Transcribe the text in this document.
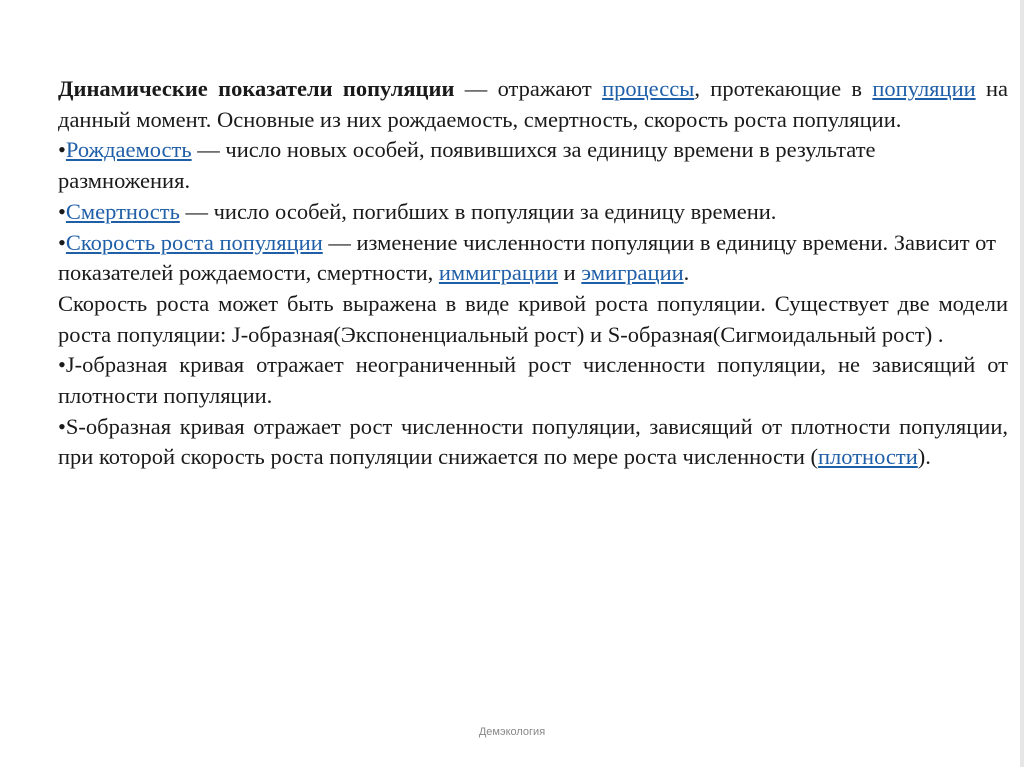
Динамические показатели популяции — отражают процессы, протекающие в популяции на данный момент. Основные из них рождаемость, смертность, скорость роста популяции.

•Рождаемость — число новых особей, появившихся за единицу времени в результате размножения.

•Смертность — число особей, погибших в популяции за единицу времени.

•Скорость роста популяции — изменение численности популяции в единицу времени. Зависит от показателей рождаемости, смертности, иммиграции и эмиграции.

Скорость роста может быть выражена в виде кривой роста популяции. Существует две модели роста популяции: J-образная(Экспоненциальный рост) и S-образная(Сигмоидальный рост) .

•J-образная кривая отражает неограниченный рост численности популяции, не зависящий от плотности популяции.

•S-образная кривая отражает рост численности популяции, зависящий от плотности популяции, при которой скорость роста популяции снижается по мере роста численности (плотности).

Демэкология
